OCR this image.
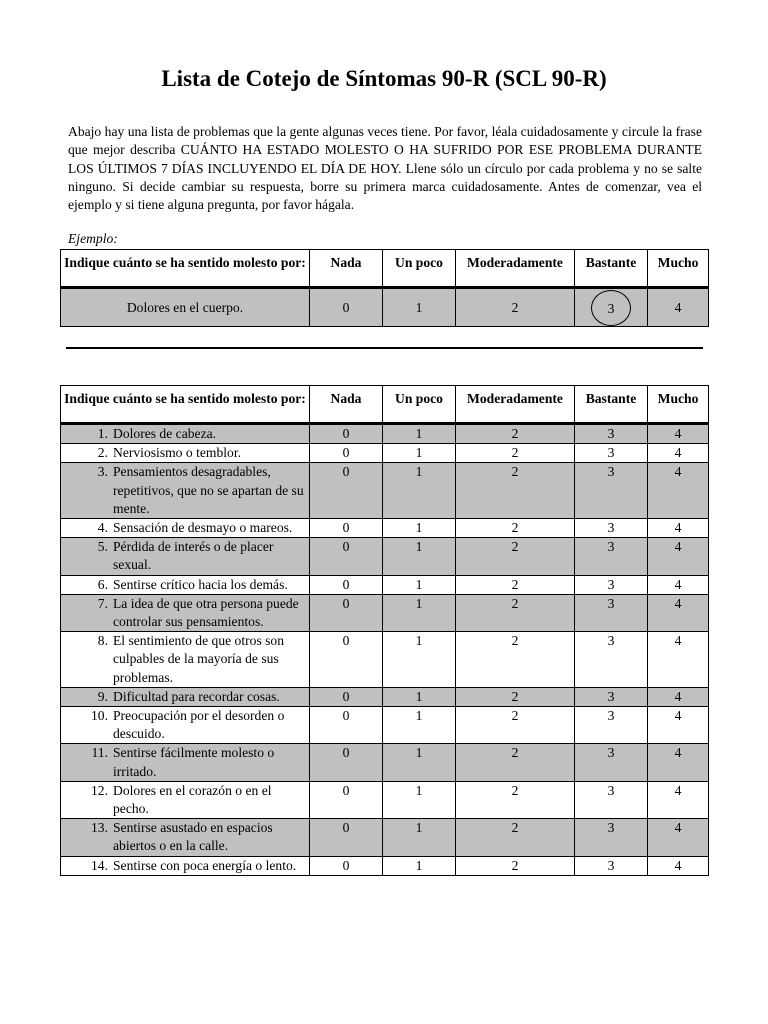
Lista de Cotejo de Síntomas 90-R (SCL 90-R)
Abajo hay una lista de problemas que la gente algunas veces tiene. Por favor, léala cuidadosamente y circule la frase que mejor describa CUÁNTO HA ESTADO MOLESTO O HA SUFRIDO POR ESE PROBLEMA DURANTE LOS ÚLTIMOS 7 DÍAS INCLUYENDO EL DÍA DE HOY. Llene sólo un círculo por cada problema y no se salte ninguno. Si decide cambiar su respuesta, borre su primera marca cuidadosamente. Antes de comenzar, vea el ejemplo y si tiene alguna pregunta, por favor hágala.
Ejemplo:
Indique cuánto se ha sentido molesto por:	Nada	Un poco	Moderadamente	Bastante	Mucho
Dolores en el cuerpo.	0	1	2	3	4
Indique cuánto se ha sentido molesto por:	Nada	Un poco	Moderadamente	Bastante	Mucho

1. Dolores de cabeza.	0	1	2	3	4

2. Nerviosismo o temblor.	0	1	2	3	4

3. Pensamientos desagradables, repetitivos, que no se apartan de su mente.	0	1	2	3	4

4. Sensación de desmayo o mareos.	0	1	2	3	4

5. Pérdida de interés o de placer sexual.	0	1	2	3	4

6. Sentirse crítico hacia los demás.	0	1	2	3	4

7. La idea de que otra persona puede controlar sus pensamientos.	0	1	2	3	4

8. El sentimiento de que otros son culpables de la mayoría de sus problemas.	0	1	2	3	4

9. Dificultad para recordar cosas.	0	1	2	3	4

10. Preocupación por el desorden o descuido.	0	1	2	3	4

11. Sentirse fácilmente molesto o irritado.	0	1	2	3	4

12. Dolores en el corazón o en el pecho.	0	1	2	3	4

13. Sentirse asustado en espacios abiertos o en la calle.	0	1	2	3	4

14. Sentirse con poca energía o lento.	0	1	2	3	4
